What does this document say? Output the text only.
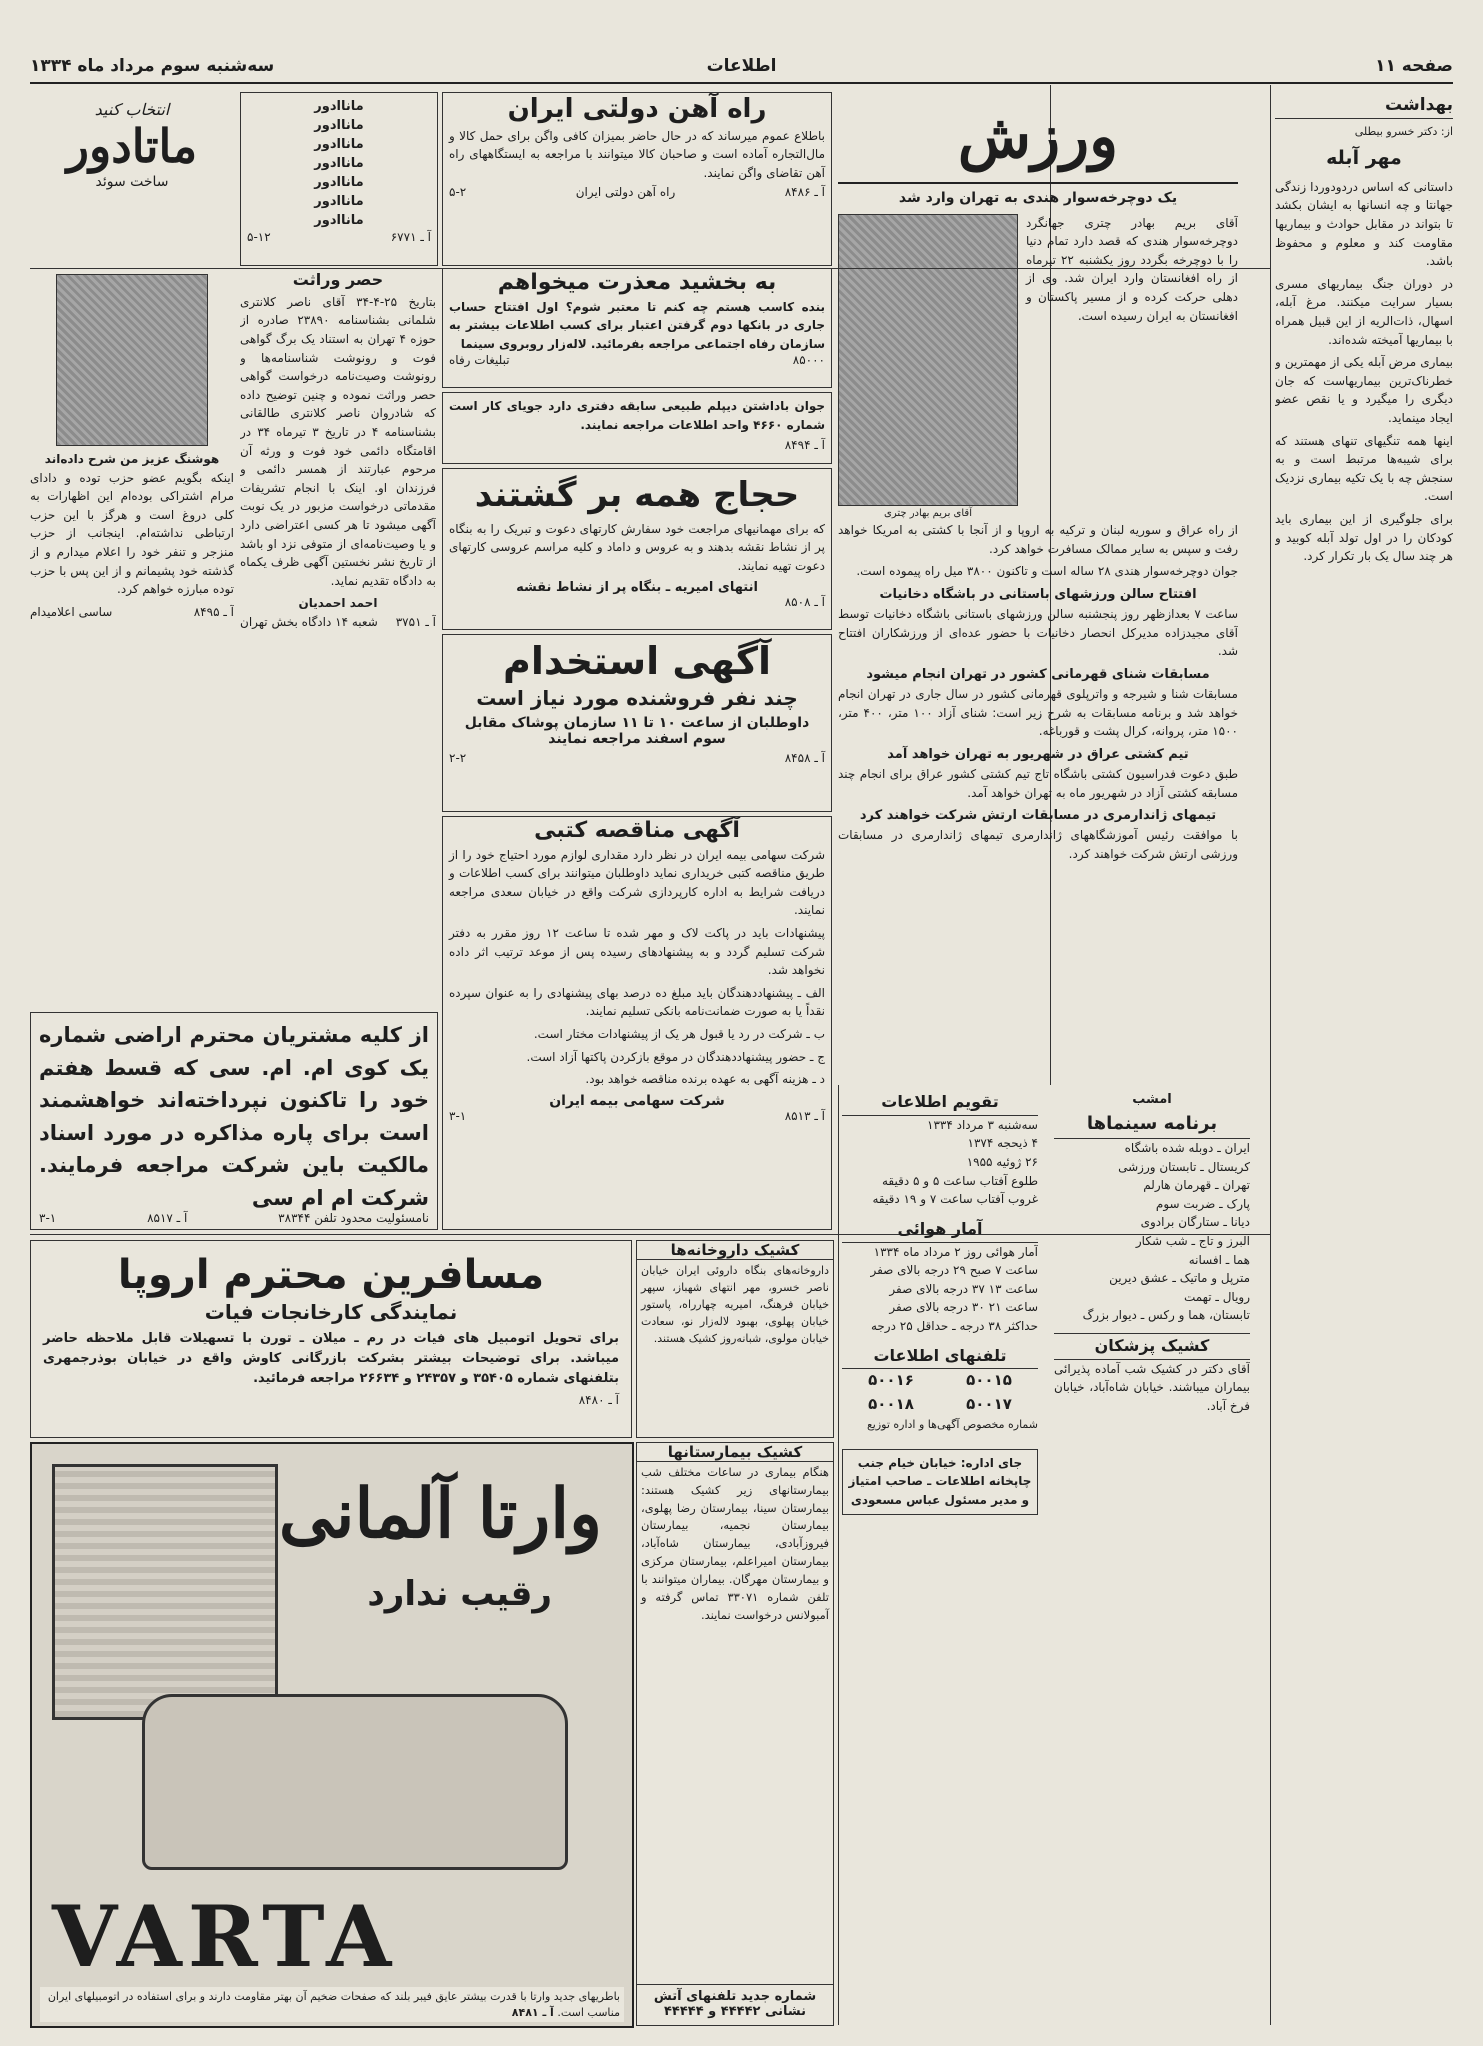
صفحه ۱۱
اطلاعات
سه‌شنبه سوم مرداد ماه ۱۳۳۴
بهداشت
از: دکتر خسرو بیطلی
مهر آبله

داستانی که اساس دردودوردا زندگی جهانتا و چه انسانها به ایشان بکشد تا بتواند در مقابل حوادث و بیماریها مقاومت کند و معلوم و محفوظ باشد.

در دوران جنگ بیماریهای مسری بسیار سرایت میکنند. مرغ آبله، اسهال، ذات‌الریه از این قبیل همراه با بیماریها آمیخته شده‌اند.

بیماری مرض آبله یکی از مهمترین و خطرناک‌ترین بیماریهاست که جان دیگری را میگیرد و یا نقص عضو ایجاد مینماید.

اینها همه تنگیهای تنهای هستند که برای شیبه‌ها مرتبط است و به سنجش چه با یک تکیه بیماری نزدیک است.

برای جلوگیری از این بیماری باید کودکان را در اول تولد آبله کوبید و هر چند سال یک بار تکرار کرد.

ورزش
یک دوچرخه‌سوار هندی به تهران وارد شد

آقای بریم بهادر چتری جهانگرد دوچرخه‌سوار هندی که قصد دارد تمام دنیا را با دوچرخه بگردد روز یکشنبه ۲۲ تیرماه از راه افغانستان وارد ایران شد. وی از دهلی حرکت کرده و از مسیر پاکستان و افغانستان به ایران رسیده است.

آقای بریم بهادر چتری

از راه عراق و سوریه لبنان و ترکیه به اروپا و از آنجا با کشتی به امریکا خواهد رفت و سپس به سایر ممالک مسافرت خواهد کرد.

جوان دوچرخه‌سوار هندی ۲۸ ساله است و تاکنون ۳۸۰۰ میل راه پیموده است.

افتتاح سالن ورزشهای باستانی در باشگاه دخانیات

ساعت ۷ بعدازظهر روز پنجشنبه سالن ورزشهای باستانی باشگاه دخانیات توسط آقای مجیدزاده مدیرکل انحصار دخانیات با حضور عده‌ای از ورزشکاران افتتاح شد.

مسابقات شنای قهرمانی کشور در تهران انجام میشود

مسابقات شنا و شیرجه و واترپلوی قهرمانی کشور در سال جاری در تهران انجام خواهد شد و برنامه مسابقات به شرح زیر است: شنای آزاد ۱۰۰ متر، ۴۰۰ متر، ۱۵۰۰ متر، پروانه، کرال پشت و قورباغه.

تیم کشتی عراق در شهریور به تهران خواهد آمد

طبق دعوت فدراسیون کشتی باشگاه تاج تیم کشتی کشور عراق برای انجام چند مسابقه کشتی آزاد در شهریور ماه به تهران خواهد آمد.

تیمهای ژاندارمری در مسابقات ارتش شرکت خواهند کرد

با موافقت رئیس آموزشگاههای ژاندارمری تیمهای ژاندارمری در مسابقات ورزشی ارتش شرکت خواهند کرد.

راه آهن دولتی ایران
باطلاع عموم میرساند که در حال حاضر بمیزان کافی واگن برای حمل کالا و مال‌التجاره آماده است و صاحبان کالا میتوانند با مراجعه به ایستگاههای راه آهن تقاضای واگن نمایند.
آ ـ ۸۴۸۶
راه آهن دولتی ایران
۵-۲
ماناادور
ماناادور
ماناادور
ماناادور
ماناادور
ماناادور
ماناادور
آ ـ ۶۷۷۱
۵-۱۲
انتخاب کنید
ماتادور
ساخت سوئد
به بخشید معذرت میخواهم
بنده کاسب هستم چه کنم تا معتبر شوم؟ اول افتتاح حساب جاری در بانکها دوم گرفتن اعتبار برای کسب اطلاعات بیشتر به سازمان رفاه اجتماعی مراجعه بفرمائید. لاله‌زار روبروی سینما
۸۵۰۰۰
تبلیغات رفاه
جوان باداشتن دیپلم طبیعی سابقه دفتری دارد جویای کار است شماره ۴۶۶۰ واحد اطلاعات مراجعه نمایند.
آ ـ ۸۴۹۴
حجاج همه بر گشتند
که برای مهمانیهای مراجعت خود سفارش کارتهای دعوت و تبریک را به بنگاه پر از نشاط نقشه بدهند و به عروس و داماد و کلیه مراسم عروسی کارتهای دعوت تهیه نمایند.
انتهای امیریه ـ بنگاه پر از نشاط نقشه
آ ـ ۸۵۰۸
آگهی استخدام
چند نفر فروشنده مورد نیاز است
داوطلبان از ساعت ۱۰ تا ۱۱ سازمان پوشاک مقابل سوم اسفند مراجعه نمایند
آ ـ ۸۴۵۸
۲-۲
آگهی مناقصه کتبی

شرکت سهامی بیمه ایران در نظر دارد مقداری لوازم مورد احتیاج خود را از طریق مناقصه کتبی خریداری نماید داوطلبان میتوانند برای کسب اطلاعات و دریافت شرایط به اداره کارپردازی شرکت واقع در خیابان سعدی مراجعه نمایند.

پیشنهادات باید در پاکت لاک و مهر شده تا ساعت ۱۲ روز مقرر به دفتر شرکت تسلیم گردد و به پیشنهادهای رسیده پس از موعد ترتیب اثر داده نخواهد شد.

الف ـ پیشنهاددهندگان باید مبلغ ده درصد بهای پیشنهادی را به عنوان سپرده نقداً یا به صورت ضمانت‌نامه بانکی تسلیم نمایند.

ب ـ شرکت در رد یا قبول هر یک از پیشنهادات مختار است.

ج ـ حضور پیشنهاددهندگان در موقع بازکردن پاکتها آزاد است.

د ـ هزینه آگهی به عهده برنده مناقصه خواهد بود.

شرکت سهامی بیمه ایران
آ ـ ۸۵۱۳
۳-۱
هوشنگ عزیز من شرح داده‌اند

اینکه بگویم عضو حزب توده و دادای مرام اشتراکی بوده‌ام این اظهارات به کلی دروغ است و هرگز با این حزب ارتباطی نداشته‌ام. اینجانب از حزب منزجر و تنفر خود را اعلام میدارم و از گذشته خود پشیمانم و از این پس با حزب توده مبارزه خواهم کرد.

آ ـ ۸۴۹۵
ساسی اعلامیدام
حصر وراثت

بتاریخ ۲۵-۴-۳۴ آقای ناصر کلانتری شلمانی بشناسنامه ۲۳۸۹۰ صادره از حوزه ۴ تهران به استناد یک برگ گواهی فوت و رونوشت شناسنامه‌ها و رونوشت وصیت‌نامه درخواست گواهی حصر وراثت نموده و چنین توضیح داده که شادروان ناصر کلانتری طالقانی بشناسنامه ۴ در تاریخ ۳ تیرماه ۳۴ در اقامتگاه دائمی خود فوت و ورثه آن مرحوم عبارتند از همسر دائمی و فرزندان او. اینک با انجام تشریفات مقدماتی درخواست مزبور در یک نوبت آگهی میشود تا هر کسی اعتراضی دارد و یا وصیت‌نامه‌ای از متوفی نزد او باشد از تاریخ نشر نخستین آگهی ظرف یکماه به دادگاه تقدیم نماید.

احمد احمدیان
آ ـ ۳۷۵۱
شعبه ۱۴ دادگاه بخش تهران
از کلیه مشتریان محترم اراضی شماره یک کوی ام. ام. سی که قسط هفتم خود را تاکنون نپرداخته‌اند خواهشمند است برای پاره مذاکره در مورد اسناد مالکیت باین شرکت مراجعه فرمایند. شرکت ام ام سی
نامسئولیت محدود تلفن ۳۸۳۴۴
آ ـ ۸۵۱۷
۳-۱
مسافرین محترم اروپا
نمایندگی کارخانجات فیات
برای تحویل اتومبیل های فیات در رم ـ میلان ـ تورن با تسهیلات قابل ملاحظه حاضر میباشد. برای توضیحات بیشتر بشرکت بازرگانی کاوش واقع در خیابان بوذرجمهری بتلفنهای شماره ۳۵۴۰۵ و ۲۴۳۵۷ و ۲۶۶۳۴ مراجعه فرمائید.
آ ـ ۸۴۸۰
کشیک داروخانه‌ها
داروخانه‌های بنگاه داروئی ایران خیابان ناصر خسرو، مهر انتهای شهباز، سپهر خیابان فرهنگ، امیریه چهارراه، پاستور خیابان پهلوی، بهبود لاله‌زار نو، سعادت خیابان مولوی، شبانه‌روز کشیک هستند.
کشیک بیمارستانها
هنگام بیماری در ساعات مختلف شب بیمارستانهای زیر کشیک هستند: بیمارستان سینا، بیمارستان رضا پهلوی، بیمارستان نجمیه، بیمارستان فیروزآبادی، بیمارستان شاه‌آباد، بیمارستان امیراعلم، بیمارستان مرکزی و بیمارستان مهرگان. بیماران میتوانند با تلفن شماره ۳۳۰۷۱ تماس گرفته و آمبولانس درخواست نمایند.
شماره جدید تلفنهای آتش نشانی ۴۴۴۴۲ و ۴۴۴۴۴
وارتا آلمانی
رقیب ندارد
VARTA
باطریهای جدید وارتا با قدرت بیشتر عایق فیبر بلند که صفحات ضخیم آن بهتر مقاومت دارند و برای استفاده در اتومبیلهای ایران مناسب است. آ ـ ۸۴۸۱
تقویم اطلاعات
سه‌شنبه ۳ مرداد ۱۳۳۴
۴ ذیحجه ۱۳۷۴
۲۶ ژوئیه ۱۹۵۵
طلوع آفتاب ساعت ۵ و ۵ دقیقه
غروب آفتاب ساعت ۷ و ۱۹ دقیقه
آمار هوائی
آمار هوائی روز ۲ مرداد ماه ۱۳۳۴
ساعت ۷ صبح ۲۹ درجه بالای صفر
ساعت ۱۳ ۳۷ درجه بالای صفر
ساعت ۲۱ ۳۰ درجه بالای صفر
حداکثر ۳۸ درجه ـ حداقل ۲۵ درجه
تلفنهای اطلاعات
۵۰۰۱۵
۵۰۰۱۶
۵۰۰۱۷
۵۰۰۱۸
شماره مخصوص آگهی‌ها و اداره توزیع
جای اداره: خیابان خیام جنب چاپخانه اطلاعات ـ صاحب امتیاز و مدیر مسئول عباس مسعودی
امشب
برنامه سینماها
ایران ـ دوبله شده باشگاه
کریستال ـ تابستان ورزشی
تهران ـ قهرمان هارلم
پارک ـ ضربت سوم
دیانا ـ ستارگان برادوی
البرز و تاج ـ شب شکار
هما ـ افسانه
مترپل و ماتیک ـ عشق دیرین
رویال ـ تهمت
تابستان، هما و رکس ـ دیوار بزرگ
کشیک پزشکان

آقای دکتر در کشیک شب آماده پذیرائی بیماران میباشند. خیابان شاه‌آباد، خیابان فرخ آباد.
